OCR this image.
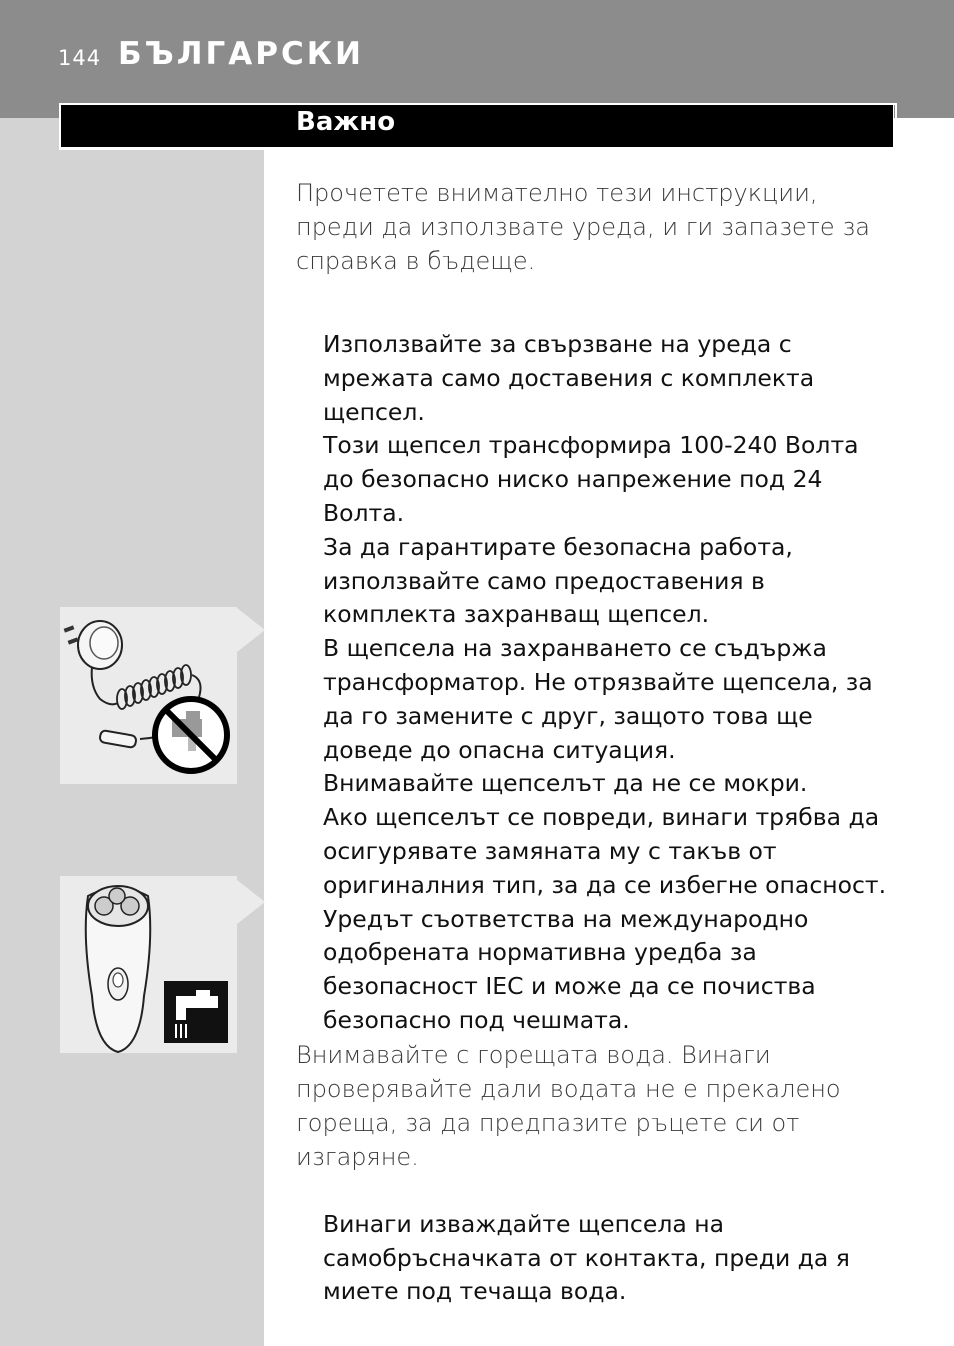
144 БЪЛГАРСКИ
Важно

Прочетете внимателно тези инструкции, преди да използвате уреда, и ги запазете за справка в бъдеще.

Използвайте за свързване на уреда с мрежата само доставения с комплекта щепсел.
Този щепсел трансформира 100-240 Волта до безопасно ниско напрежение под 24 Волта.
За да гарантирате безопасна работа, използвайте само предоставения в комплекта захранващ щепсел.
В щепсела на захранването се съдържа трансформатор. Не отрязвайте щепсела, за да го замените с друг, защото това ще доведе до опасна ситуация.
Внимавайте щепселът да не се мокри.
Ако щепселът се повреди, винаги трябва да осигурявате замяната му с такъв от оригиналния тип, за да се избегне опасност.
Уредът съответства на международно одобрената нормативна уредба за безопасност IEC и може да се почиства безопасно под чешмата.

Внимавайте с горещата вода. Винаги проверявайте дали водата не е прекалено гореща, за да предпазите ръцете си от изгаряне.

Винаги изваждайте щепсела на самобръсначката от контакта, преди да я миете под течаща вода.
